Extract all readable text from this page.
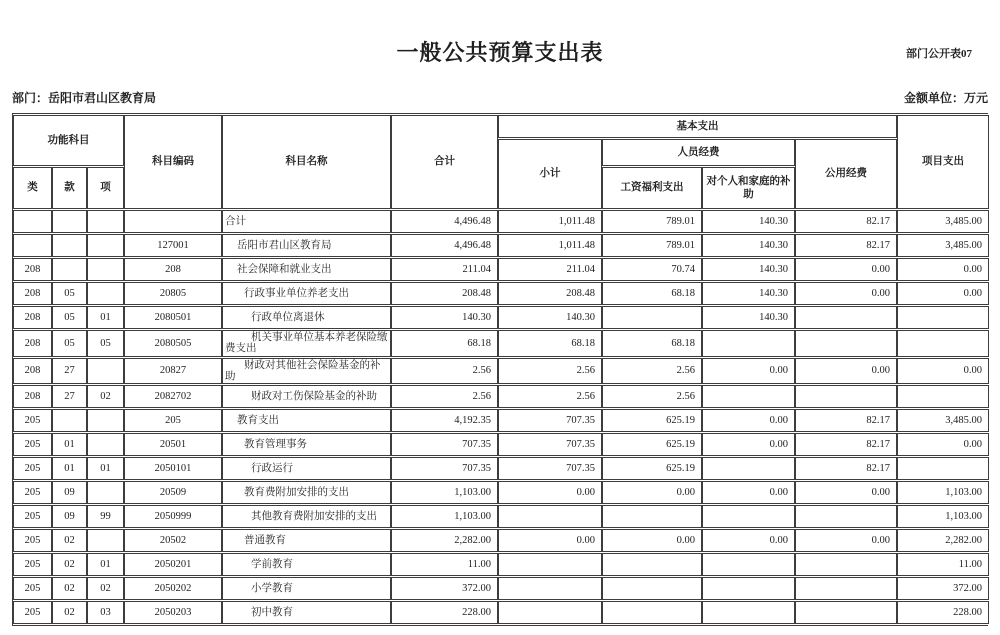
部门公开表07
一般公共预算支出表
部门：岳阳市君山区教育局	金额单位：万元
功能科目			科目编码	科目名称	合计	基本支出				项目支出
						小计	人员经费		公用经费	
类	款	项					工资福利支出	对个人和家庭的补助		
				合计	4,496.48	1,011.48	789.01	140.30	82.17	3,485.00
			127001	岳阳市君山区教育局	4,496.48	1,011.48	789.01	140.30	82.17	3,485.00
208			208	社会保障和就业支出	211.04	211.04	70.74	140.30	0.00	0.00
208	05		20805	行政事业单位养老支出	208.48	208.48	68.18	140.30	0.00	0.00
208	05	01	2080501	行政单位离退休	140.30	140.30		140.30		
208	05	05	2080505	机关事业单位基本养老保险缴费支出	68.18	68.18	68.18			
208	27		20827	财政对其他社会保险基金的补助	2.56	2.56	2.56	0.00	0.00	0.00
208	27	02	2082702	财政对工伤保险基金的补助	2.56	2.56	2.56			
205			205	教育支出	4,192.35	707.35	625.19	0.00	82.17	3,485.00
205	01		20501	教育管理事务	707.35	707.35	625.19	0.00	82.17	0.00
205	01	01	2050101	行政运行	707.35	707.35	625.19		82.17	
205	09		20509	教育费附加安排的支出	1,103.00	0.00	0.00	0.00	0.00	1,103.00
205	09	99	2050999	其他教育费附加安排的支出	1,103.00					1,103.00
205	02		20502	普通教育	2,282.00	0.00	0.00	0.00	0.00	2,282.00
205	02	01	2050201	学前教育	11.00					11.00
205	02	02	2050202	小学教育	372.00					372.00
205	02	03	2050203	初中教育	228.00					228.00
